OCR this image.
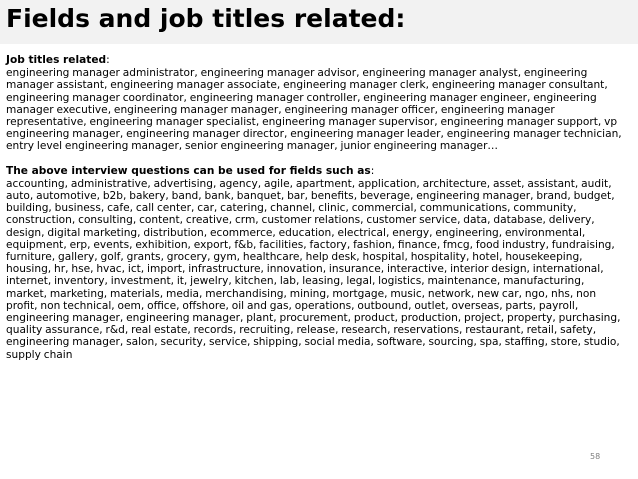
Fields and job titles related:

Job titles related:

engineering manager administrator, engineering manager advisor, engineering manager analyst, engineering
manager assistant, engineering manager associate, engineering manager clerk, engineering manager consultant,
engineering manager coordinator, engineering manager controller, engineering manager engineer, engineering
manager executive, engineering manager manager, engineering manager officer, engineering manager
representative, engineering manager specialist, engineering manager supervisor, engineering manager support, vp
engineering manager, engineering manager director, engineering manager leader, engineering manager technician,
entry level engineering manager, senior engineering manager, junior engineering manager…

The above interview questions can be used for fields such as:

accounting, administrative, advertising, agency, agile, apartment, application, architecture, asset, assistant, audit,
auto, automotive, b2b, bakery, band, bank, banquet, bar, benefits, beverage, engineering manager, brand, budget,
building, business, cafe, call center, car, catering, channel, clinic, commercial, communications, community,
construction, consulting, content, creative, crm, customer relations, customer service, data, database, delivery,
design, digital marketing, distribution, ecommerce, education, electrical, energy, engineering, environmental,
equipment, erp, events, exhibition, export, f&b, facilities, factory, fashion, finance, fmcg, food industry, fundraising,
furniture, gallery, golf, grants, grocery, gym, healthcare, help desk, hospital, hospitality, hotel, housekeeping,
housing, hr, hse, hvac, ict, import, infrastructure, innovation, insurance, interactive, interior design, international,
internet, inventory, investment, it, jewelry, kitchen, lab, leasing, legal, logistics, maintenance, manufacturing,
market, marketing, materials, media, merchandising, mining, mortgage, music, network, new car, ngo, nhs, non
profit, non technical, oem, office, offshore, oil and gas, operations, outbound, outlet, overseas, parts, payroll,
engineering manager, engineering manager, plant, procurement, product, production, project, property, purchasing,
quality assurance, r&d, real estate, records, recruiting, release, research, reservations, restaurant, retail, safety,
engineering manager, salon, security, service, shipping, social media, software, sourcing, spa, staffing, store, studio,
supply chain

58
